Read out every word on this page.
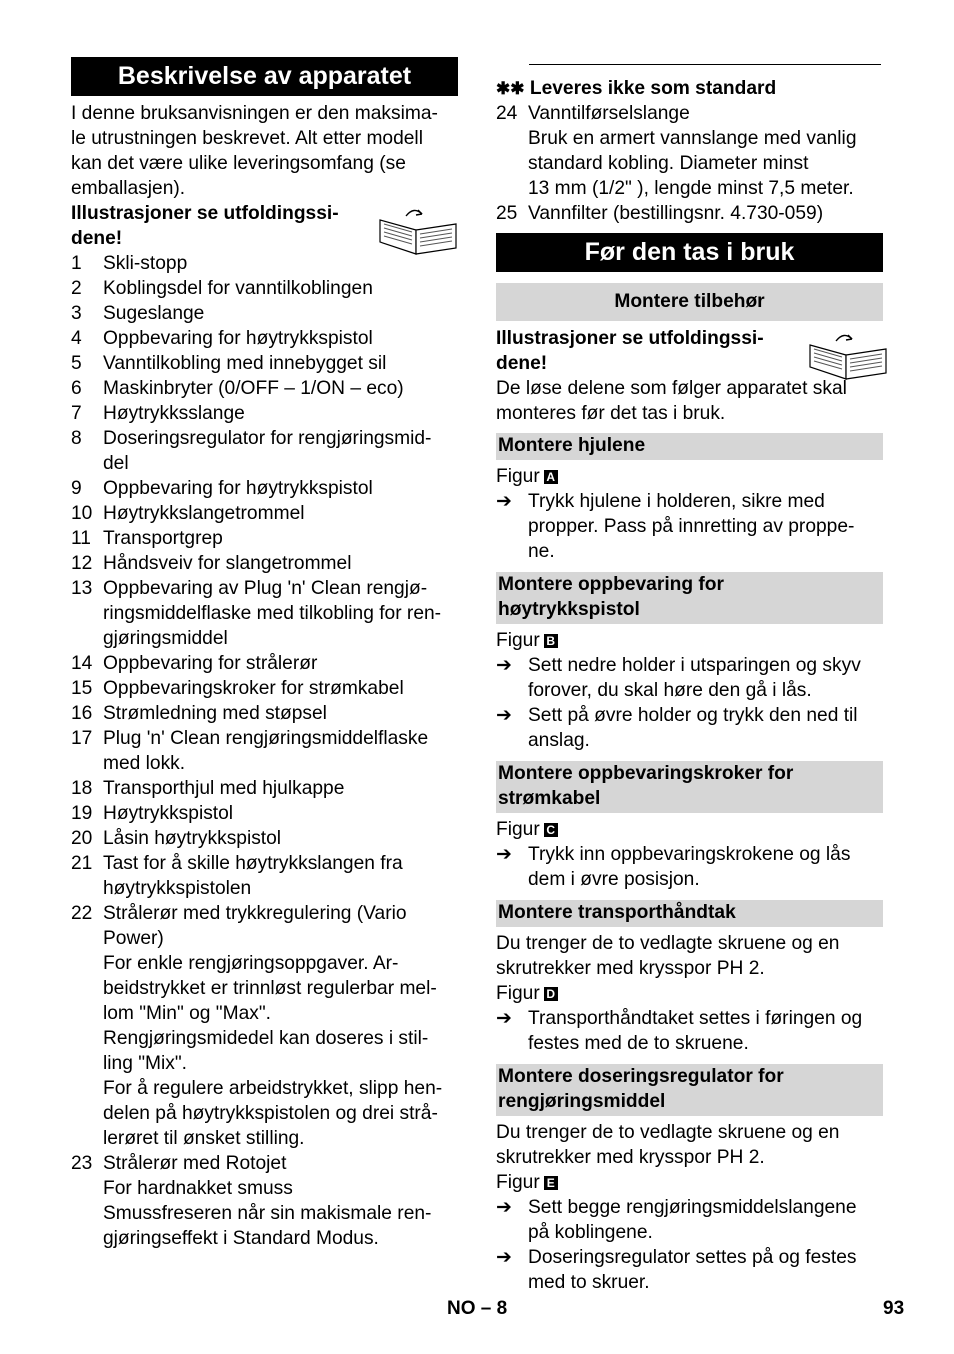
Beskrivelse av apparatet
I denne bruksanvisningen er den maksima-
le utrustningen beskrevet. Alt etter modell
kan det være ulike leveringsomfang (se
emballasjen).
Illustrasjoner se utfoldingssi-
dene!
1 Skli-stopp
2 Koblingsdel for vanntilkoblingen
3 Sugeslange
4 Oppbevaring for høytrykkspistol
5 Vanntilkobling med innebygget sil
6 Maskinbryter (0/OFF – 1/ON – eco)
7 Høytrykksslange
8 Doseringsregulator for rengjøringsmid-
del
9 Oppbevaring for høytrykkspistol
10 Høytrykkslangetrommel
11 Transportgrep
12 Håndsveiv for slangetrommel
13 Oppbevaring av Plug 'n' Clean rengjø-
ringsmiddelflaske med tilkobling for ren-
gjøringsmiddel
14 Oppbevaring for strålerør
15 Oppbevaringskroker for strømkabel
16 Strømledning med støpsel
17 Plug 'n' Clean rengjøringsmiddelflaske
med lokk.
18 Transporthjul med hjulkappe
19 Høytrykkspistol
20 Låsin høytrykkspistol
21 Tast for å skille høytrykkslangen fra
høytrykkspistolen
22 Strålerør med trykkregulering (Vario
Power)
For enkle rengjøringsoppgaver. Ar-
beidstrykket er trinnløst regulerbar mel-
lom "Min" og "Max".
Rengjøringsmidedel kan doseres i stil-
ling "Mix".
For å regulere arbeidstrykket, slipp hen-
delen på høytrykkspistolen og drei strå-
lerøret til ønsket stilling.
23 Strålerør med Rotojet
For hardnakket smuss
Smussfreseren når sin makismale ren-
gjøringseffekt i Standard Modus.
✱✱ Leveres ikke som standard
Før den tas i bruk
Montere tilbehør
24 Vanntilførselslange
Bruk en armert vannslange med vanlig
standard kobling. Diameter minst
13 mm (1/2" ), lengde minst 7,5 meter.
25 Vannfilter (bestillingsnr. 4.730-059)
Illustrasjoner se utfoldingssi-
dene!
De løse delene som følger apparatet skal
monteres før det tas i bruk.
Montere hjulene
Figur A
➔ Trykk hjulene i holderen, sikre med
propper. Pass på innretting av proppe-
ne.
Montere oppbevaring for
høytrykkspistol
Figur B
➔ Sett nedre holder i utsparingen og skyv
forover, du skal høre den gå i lås.
➔ Sett på øvre holder og trykk den ned til
anslag.
Montere oppbevaringskroker for
strømkabel
Figur C
➔ Trykk inn oppbevaringskrokene og lås
dem i øvre posisjon.
Montere transporthåndtak
Du trenger de to vedlagte skruene og en
skrutrekker med krysspor PH 2.
Figur D
➔ Transporthåndtaket settes i føringen og
festes med de to skruene.
Montere doseringsregulator for
rengjøringsmiddel
Du trenger de to vedlagte skruene og en
skrutrekker med krysspor PH 2.
Figur E
➔ Sett begge rengjøringsmiddelslangene
på koblingene.
➔ Doseringsregulator settes på og festes
med to skruer.
NO – 8	93
